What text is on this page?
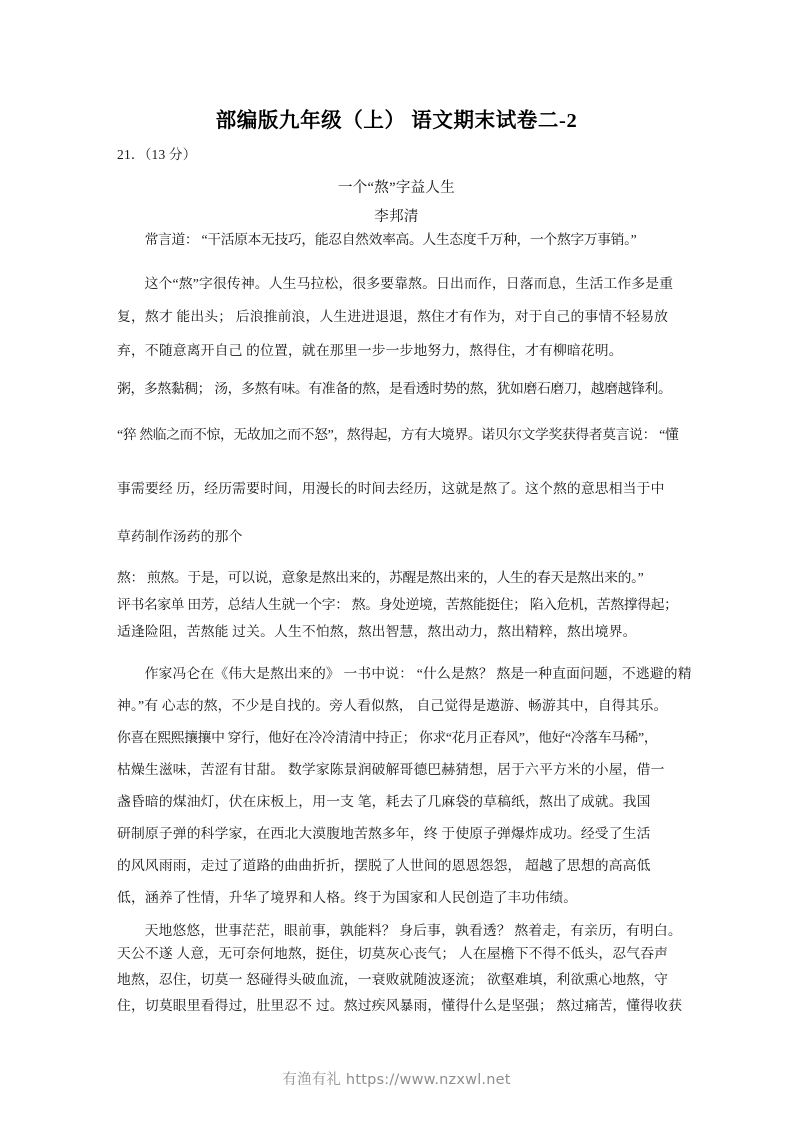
部编版九年级（上） 语文期末试卷二-2
21．（13 分）
一个“熬”字益人生
李邦清
常言道： “干活原本无技巧，能忍自然效率高。人生态度千万种，一个熬字万事销。”
这个“熬”字很传神。人生马拉松，很多要靠熬。日出而作，日落而息，生活工作多是重
复，熬才 能出头； 后浪推前浪，人生进进退退，熬住才有作为，对于自己的事情不轻易放
弃，不随意离开自己 的位置，就在那里一步一步地努力，熬得住，才有柳暗花明。
粥，多熬黏稠； 汤，多熬有味。有准备的熬，是看透时势的熬，犹如磨石磨刀，越磨越锋利。
“猝 然临之而不惊，无故加之而不怒”，熬得起，方有大境界。诺贝尔文学奖获得者莫言说： “懂
事需要经 历，经历需要时间，用漫长的时间去经历，这就是熬了。这个熬的意思相当于中
草药制作汤药的那个
熬： 煎熬。于是，可以说，意象是熬出来的，苏醒是熬出来的，人生的春天是熬出来的。”
评书名家单 田芳，总结人生就一个字： 熬。身处逆境，苦熬能挺住； 陷入危机，苦熬撑得起；
适逢险阻，苦熬能 过关。人生不怕熬，熬出智慧，熬出动力，熬出精粹，熬出境界。
作家冯仑在《伟大是熬出来的》 一书中说： “什么是熬？ 熬是一种直面问题，不逃避的精
神。”有 心志的熬，不少是自找的。旁人看似熬， 自己觉得是遨游、畅游其中，自得其乐。
你喜在熙熙攘攘中 穿行，他好在冷冷清清中持正； 你求“花月正春风”，他好“冷落车马稀”，
枯燥生滋味，苦涩有甘甜。 数学家陈景润破解哥德巴赫猜想，居于六平方米的小屋，借一
盏昏暗的煤油灯，伏在床板上，用一支 笔，耗去了几麻袋的草稿纸，熬出了成就。我国
研制原子弹的科学家，在西北大漠腹地苦熬多年，终 于使原子弹爆炸成功。经受了生活
的风风雨雨，走过了道路的曲曲折折，摆脱了人世间的恩恩怨怨， 超越了思想的高高低
低，涵养了性情，升华了境界和人格。终于为国家和人民创造了丰功伟绩。
天地悠悠，世事茫茫，眼前事，孰能料？ 身后事，孰看透？ 熬着走，有亲历，有明白。
天公不遂 人意，无可奈何地熬，挺住，切莫灰心丧气； 人在屋檐下不得不低头，忍气吞声
地熬，忍住，切莫一 怒碰得头破血流，一衰败就随波逐流； 欲壑难填，利欲熏心地熬，守
住，切莫眼里看得过，肚里忍不 过。熬过疾风暴雨，懂得什么是坚强； 熬过痛苦，懂得收获
有渔有礼 https://www.nzxwl.net
